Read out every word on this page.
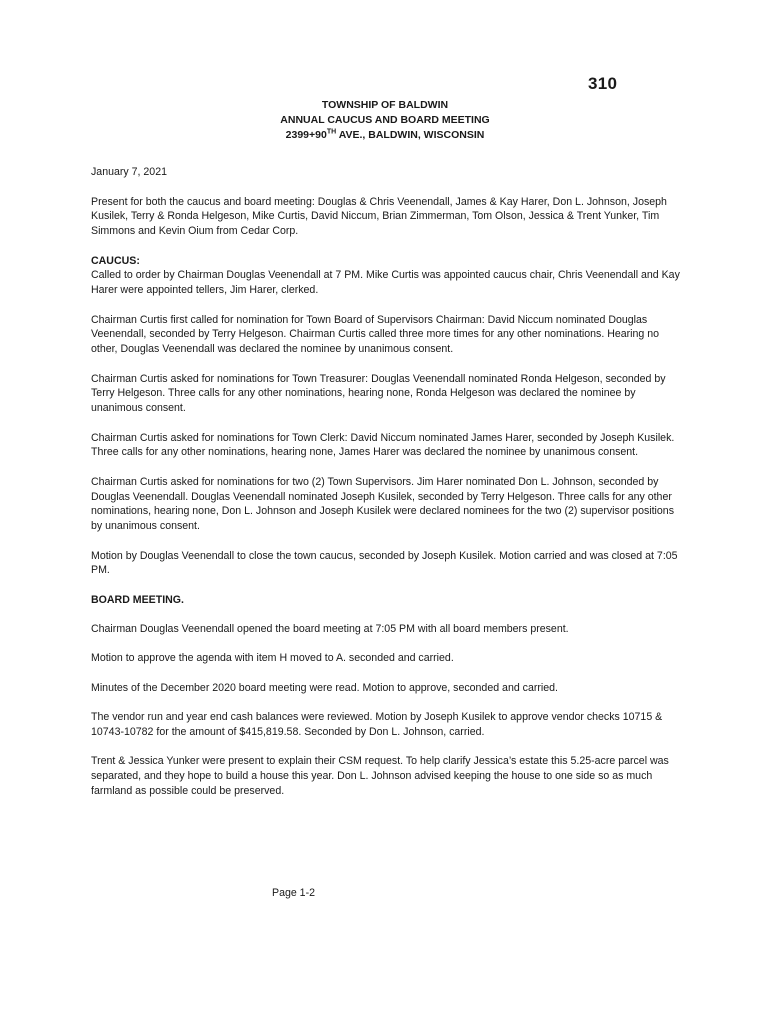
310
TOWNSHIP OF BALDWIN
ANNUAL CAUCUS AND BOARD MEETING
2399+90TH AVE., BALDWIN, WISCONSIN

January 7, 2021

Present for both the caucus and board meeting: Douglas & Chris Veenendall, James & Kay Harer, Don L. Johnson, Joseph Kusilek, Terry & Ronda Helgeson, Mike Curtis, David Niccum, Brian Zimmerman, Tom Olson, Jessica & Trent Yunker, Tim Simmons and Kevin Oium from Cedar Corp.

CAUCUS:
Called to order by Chairman Douglas Veenendall at 7 PM. Mike Curtis was appointed caucus chair, Chris Veenendall and Kay Harer were appointed tellers, Jim Harer, clerked.

Chairman Curtis first called for nomination for Town Board of Supervisors Chairman: David Niccum nominated Douglas Veenendall, seconded by Terry Helgeson. Chairman Curtis called three more times for any other nominations. Hearing no other, Douglas Veenendall was declared the nominee by unanimous consent.

Chairman Curtis asked for nominations for Town Treasurer: Douglas Veenendall nominated Ronda Helgeson, seconded by Terry Helgeson. Three calls for any other nominations, hearing none, Ronda Helgeson was declared the nominee by unanimous consent.

Chairman Curtis asked for nominations for Town Clerk: David Niccum nominated James Harer, seconded by Joseph Kusilek. Three calls for any other nominations, hearing none, James Harer was declared the nominee by unanimous consent.

Chairman Curtis asked for nominations for two (2) Town Supervisors. Jim Harer nominated Don L. Johnson, seconded by Douglas Veenendall. Douglas Veenendall nominated Joseph Kusilek, seconded by Terry Helgeson. Three calls for any other nominations, hearing none, Don L. Johnson and Joseph Kusilek were declared nominees for the two (2) supervisor positions by unanimous consent.

Motion by Douglas Veenendall to close the town caucus, seconded by Joseph Kusilek. Motion carried and was closed at 7:05 PM.

BOARD MEETING.

Chairman Douglas Veenendall opened the board meeting at 7:05 PM with all board members present.

Motion to approve the agenda with item H moved to A. seconded and carried.

Minutes of the December 2020 board meeting were read. Motion to approve, seconded and carried.

The vendor run and year end cash balances were reviewed. Motion by Joseph Kusilek to approve vendor checks 10715 & 10743-10782 for the amount of $415,819.58. Seconded by Don L. Johnson, carried.

Trent & Jessica Yunker were present to explain their CSM request. To help clarify Jessica’s estate this 5.25-acre parcel was separated, and they hope to build a house this year. Don L. Johnson advised keeping the house to one side so as much farmland as possible could be preserved.

Page 1-2
